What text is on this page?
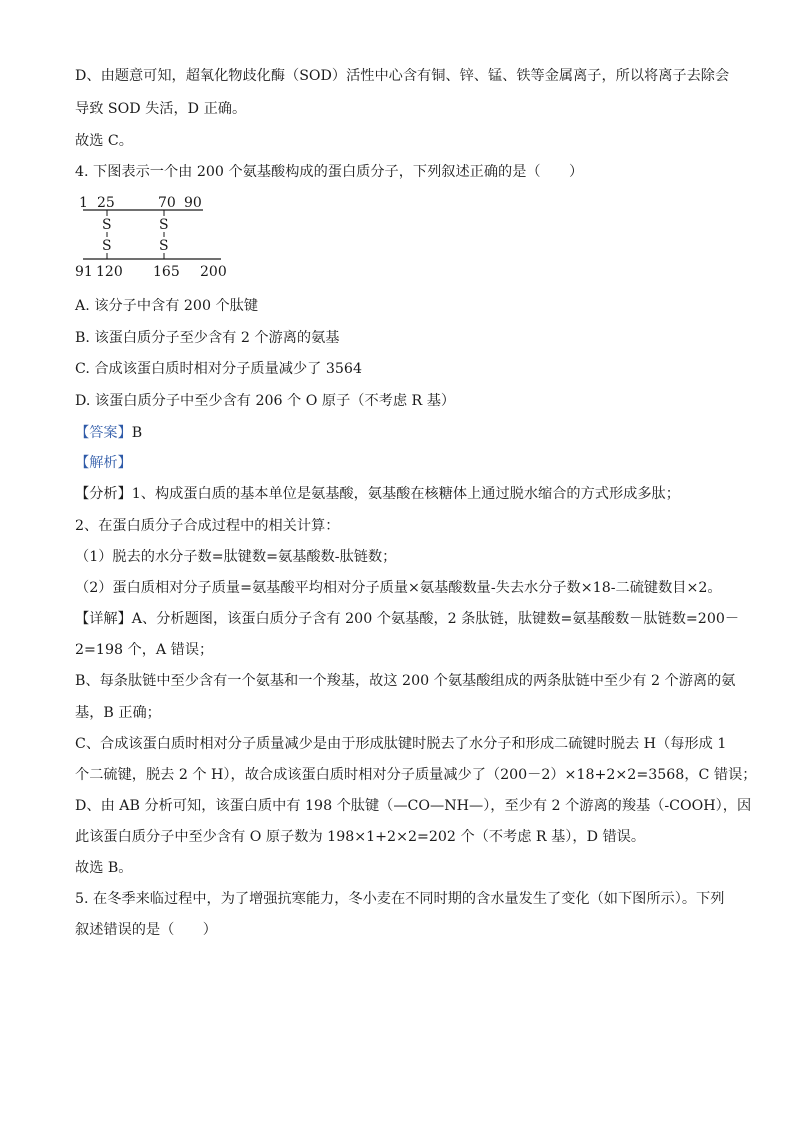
D、由题意可知，超氧化物歧化酶（SOD）活性中心含有铜、锌、锰、铁等金属离子，所以将离子去除会
导致 SOD 失活，D 正确。
故选 C。
4. 下图表示一个由 200 个氨基酸构成的蛋白质分子，下列叙述正确的是（　　）
1 25	70 90
S	S
S	S
91 120 165 200
A. 该分子中含有 200 个肽键
B. 该蛋白质分子至少含有 2 个游离的氨基
C. 合成该蛋白质时相对分子质量减少了 3564
D. 该蛋白质分子中至少含有 206 个 O 原子（不考虑 R 基）
【答案】B
【解析】
【分析】1、构成蛋白质的基本单位是氨基酸，氨基酸在核糖体上通过脱水缩合的方式形成多肽；
2、在蛋白质分子合成过程中的相关计算：
（1）脱去的水分子数=肽键数=氨基酸数-肽链数；
（2）蛋白质相对分子质量=氨基酸平均相对分子质量×氨基酸数量-失去水分子数×18-二硫键数目×2。
【详解】A、分析题图，该蛋白质分子含有 200 个氨基酸，2 条肽链，肽键数=氨基酸数－肽链数=200－
2=198 个，A 错误；
B、每条肽链中至少含有一个氨基和一个羧基，故这 200 个氨基酸组成的两条肽链中至少有 2 个游离的氨
基，B 正确；
C、合成该蛋白质时相对分子质量减少是由于形成肽键时脱去了水分子和形成二硫键时脱去 H（每形成 1
个二硫键，脱去 2 个 H），故合成该蛋白质时相对分子质量减少了（200－2）×18+2×2=3568，C 错误；
D、由 AB 分析可知，该蛋白质中有 198 个肽键（—CO—NH—），至少有 2 个游离的羧基（-COOH），因
此该蛋白质分子中至少含有 O 原子数为 198×1+2×2=202 个（不考虑 R 基），D 错误。
故选 B。
5. 在冬季来临过程中，为了增强抗寒能力，冬小麦在不同时期的含水量发生了变化（如下图所示）。下列
叙述错误的是（　　）
